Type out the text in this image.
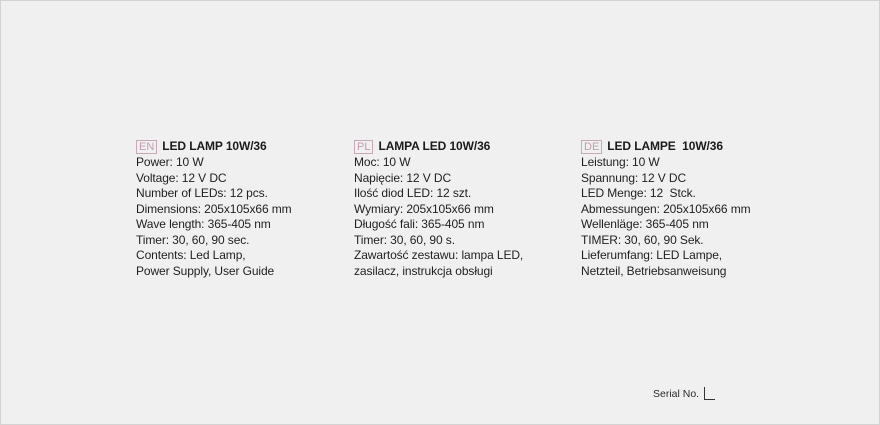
EN LED LAMP 10W/36
Power: 10 W
Voltage: 12 V DC
Number of LEDs: 12 pcs.
Dimensions: 205x105x66 mm
Wave length: 365-405 nm
Timer: 30, 60, 90 sec.
Contents: Led Lamp,
Power Supply, User Guide
PL LAMPA LED 10W/36
Moc: 10 W
Napięcie: 12 V DC
Ilość diod LED: 12 szt.
Wymiary: 205x105x66 mm
Długość fali: 365-405 nm
Timer: 30, 60, 90 s.
Zawartość zestawu: lampa LED,
zasilacz, instrukcja obsługi
DE LED LAMPE  10W/36
Leistung: 10 W
Spannung: 12 V DC
LED Menge: 12  Stck.
Abmessungen: 205x105x66 mm
Wellenläge: 365-405 nm
TIMER: 30, 60, 90 Sek.
Lieferumfang: LED Lampe,
Netzteil, Betriebsanweisung
Serial No.
